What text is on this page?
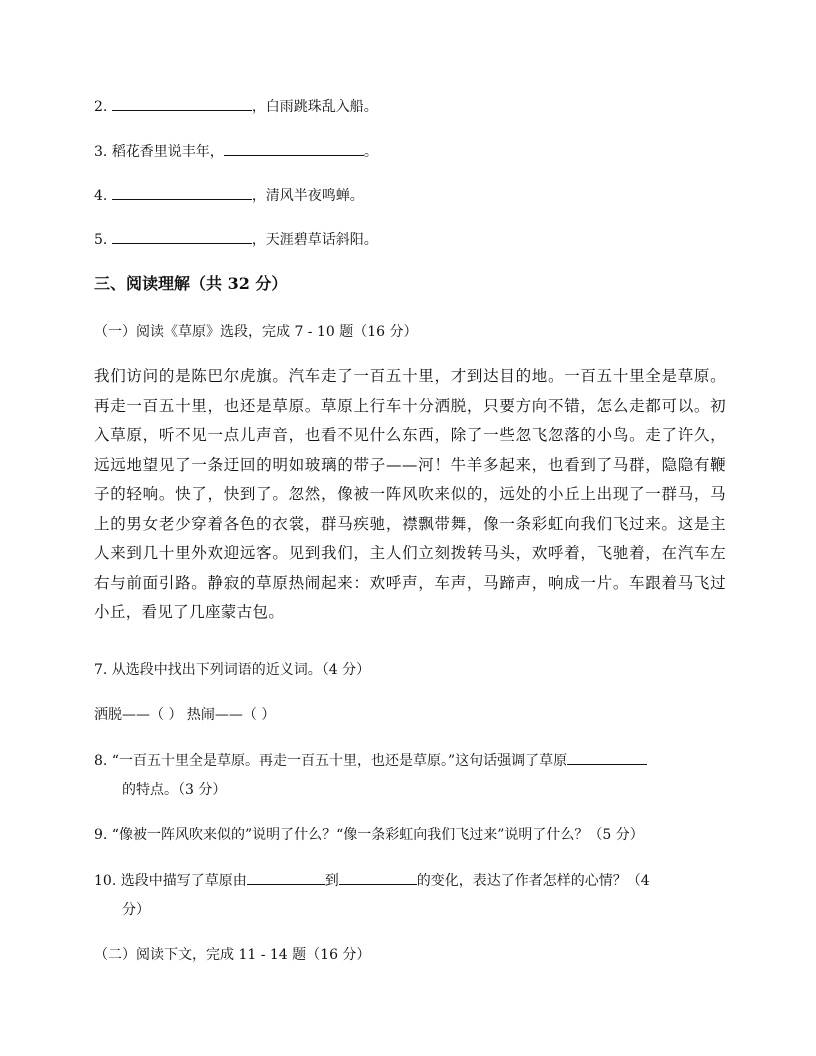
2.	，白雨跳珠乱入船。
3. 稻花香里说丰年，	。
4.	，清风半夜鸣蝉。
5.	，天涯碧草话斜阳。
三、阅读理解（共 32 分）
（一）阅读《草原》选段，完成 7 - 10 题（16 分）
我们访问的是陈巴尔虎旗。汽车走了一百五十里，才到达目的地。一百五十里全是草原。再走一百五十里，也还是草原。草原上行车十分洒脱，只要方向不错，怎么走都可以。初入草原，听不见一点儿声音，也看不见什么东西，除了一些忽飞忽落的小鸟。走了许久，远远地望见了一条迂回的明如玻璃的带子——河！牛羊多起来，也看到了马群，隐隐有鞭子的轻响。快了，快到了。忽然，像被一阵风吹来似的，远处的小丘上出现了一群马，马上的男女老少穿着各色的衣裳，群马疾驰，襟飘带舞，像一条彩虹向我们飞过来。这是主人来到几十里外欢迎远客。见到我们，主人们立刻拨转马头，欢呼着，飞驰着，在汽车左右与前面引路。静寂的草原热闹起来：欢呼声，车声，马蹄声，响成一片。车跟着马飞过小丘，看见了几座蒙古包。
7. 从选段中找出下列词语的近义词。（4 分）
洒脱——（ ） 热闹——（ ）
8. “一百五十里全是草原。再走一百五十里，也还是草原。”这句话强调了草原
的特点。（3 分）
9. “像被一阵风吹来似的”说明了什么？“像一条彩虹向我们飞过来”说明了什么？（5 分）
10. 选段中描写了草原由	到	的变化，表达了作者怎样的心情？（4
分）
（二）阅读下文，完成 11 - 14 题（16 分）
